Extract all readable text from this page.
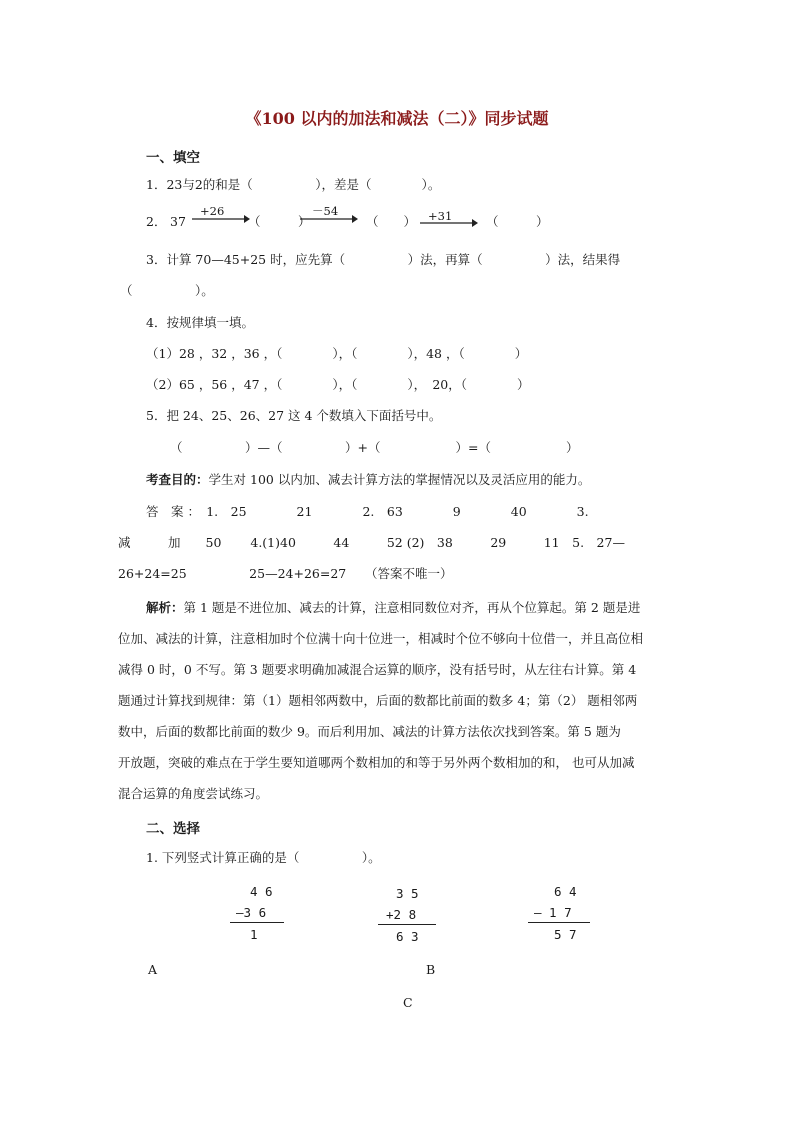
《100 以内的加法和减法（二）》同步试题
一、填空
1．23与2的和是（　　　　　），差是（　　　　）。
2． 37
+26
（　　　）
－54
（　　） +31	（　　　）
3．计算 70—45+25 时，应先算（　　　　　）法，再算（　　　　　）法，结果得
（　　　　　）。
4．按规律填一填。
（1）28 ，32 ，36 ，（　　　　），（　　　　），48 ，（　　　　）
（2）65 ，56 ，47 ，（　　　　），（　　　　），　20，（　　　　）
5．把 24、25、26、27 这 4 个数填入下面括号中。
（　　　　　）—（　　　　　）+（　　　　　　）=（　　　　　　）
考查目的：学生对 100 以内加、减去计算方法的掌握情况以及灵活应用的能力。
答　案 ：　1.　25　　　　21　　　　2.　63　　　　9　　　　40　　　　3.
减　　　加　　50　　 4.(1)40　　　44　　　52 (2)　38　　　29　　　11　5.　27—
26+24=25　　　　　25—24+26=27　　（答案不唯一）
解析：第 1 题是不进位加、减去的计算，注意相同数位对齐，再从个位算起。第 2 题是进
位加、减法的计算，注意相加时个位满十向十位进一，相减时个位不够向十位借一，并且高位相
减得 0 时，0 不写。第 3 题要求明确加减混合运算的顺序，没有括号时，从左往右计算。第 4
题通过计算找到规律：第（1）题相邻两数中，后面的数都比前面的数多 4；第（2） 题相邻两
数中，后面的数都比前面的数少 9。而后利用加、减法的计算方法依次找到答案。第 5 题为
开放题，突破的难点在于学生要知道哪两个数相加的和等于另外两个数相加的和， 也可从加减
混合运算的角度尝试练习。
二、选择
1. 下列竖式计算正确的是（　　　　　）。
4 6
—3 6
1
3 5
+2 8
6 3
6 4
— 1 7
5 7
A	B
C
